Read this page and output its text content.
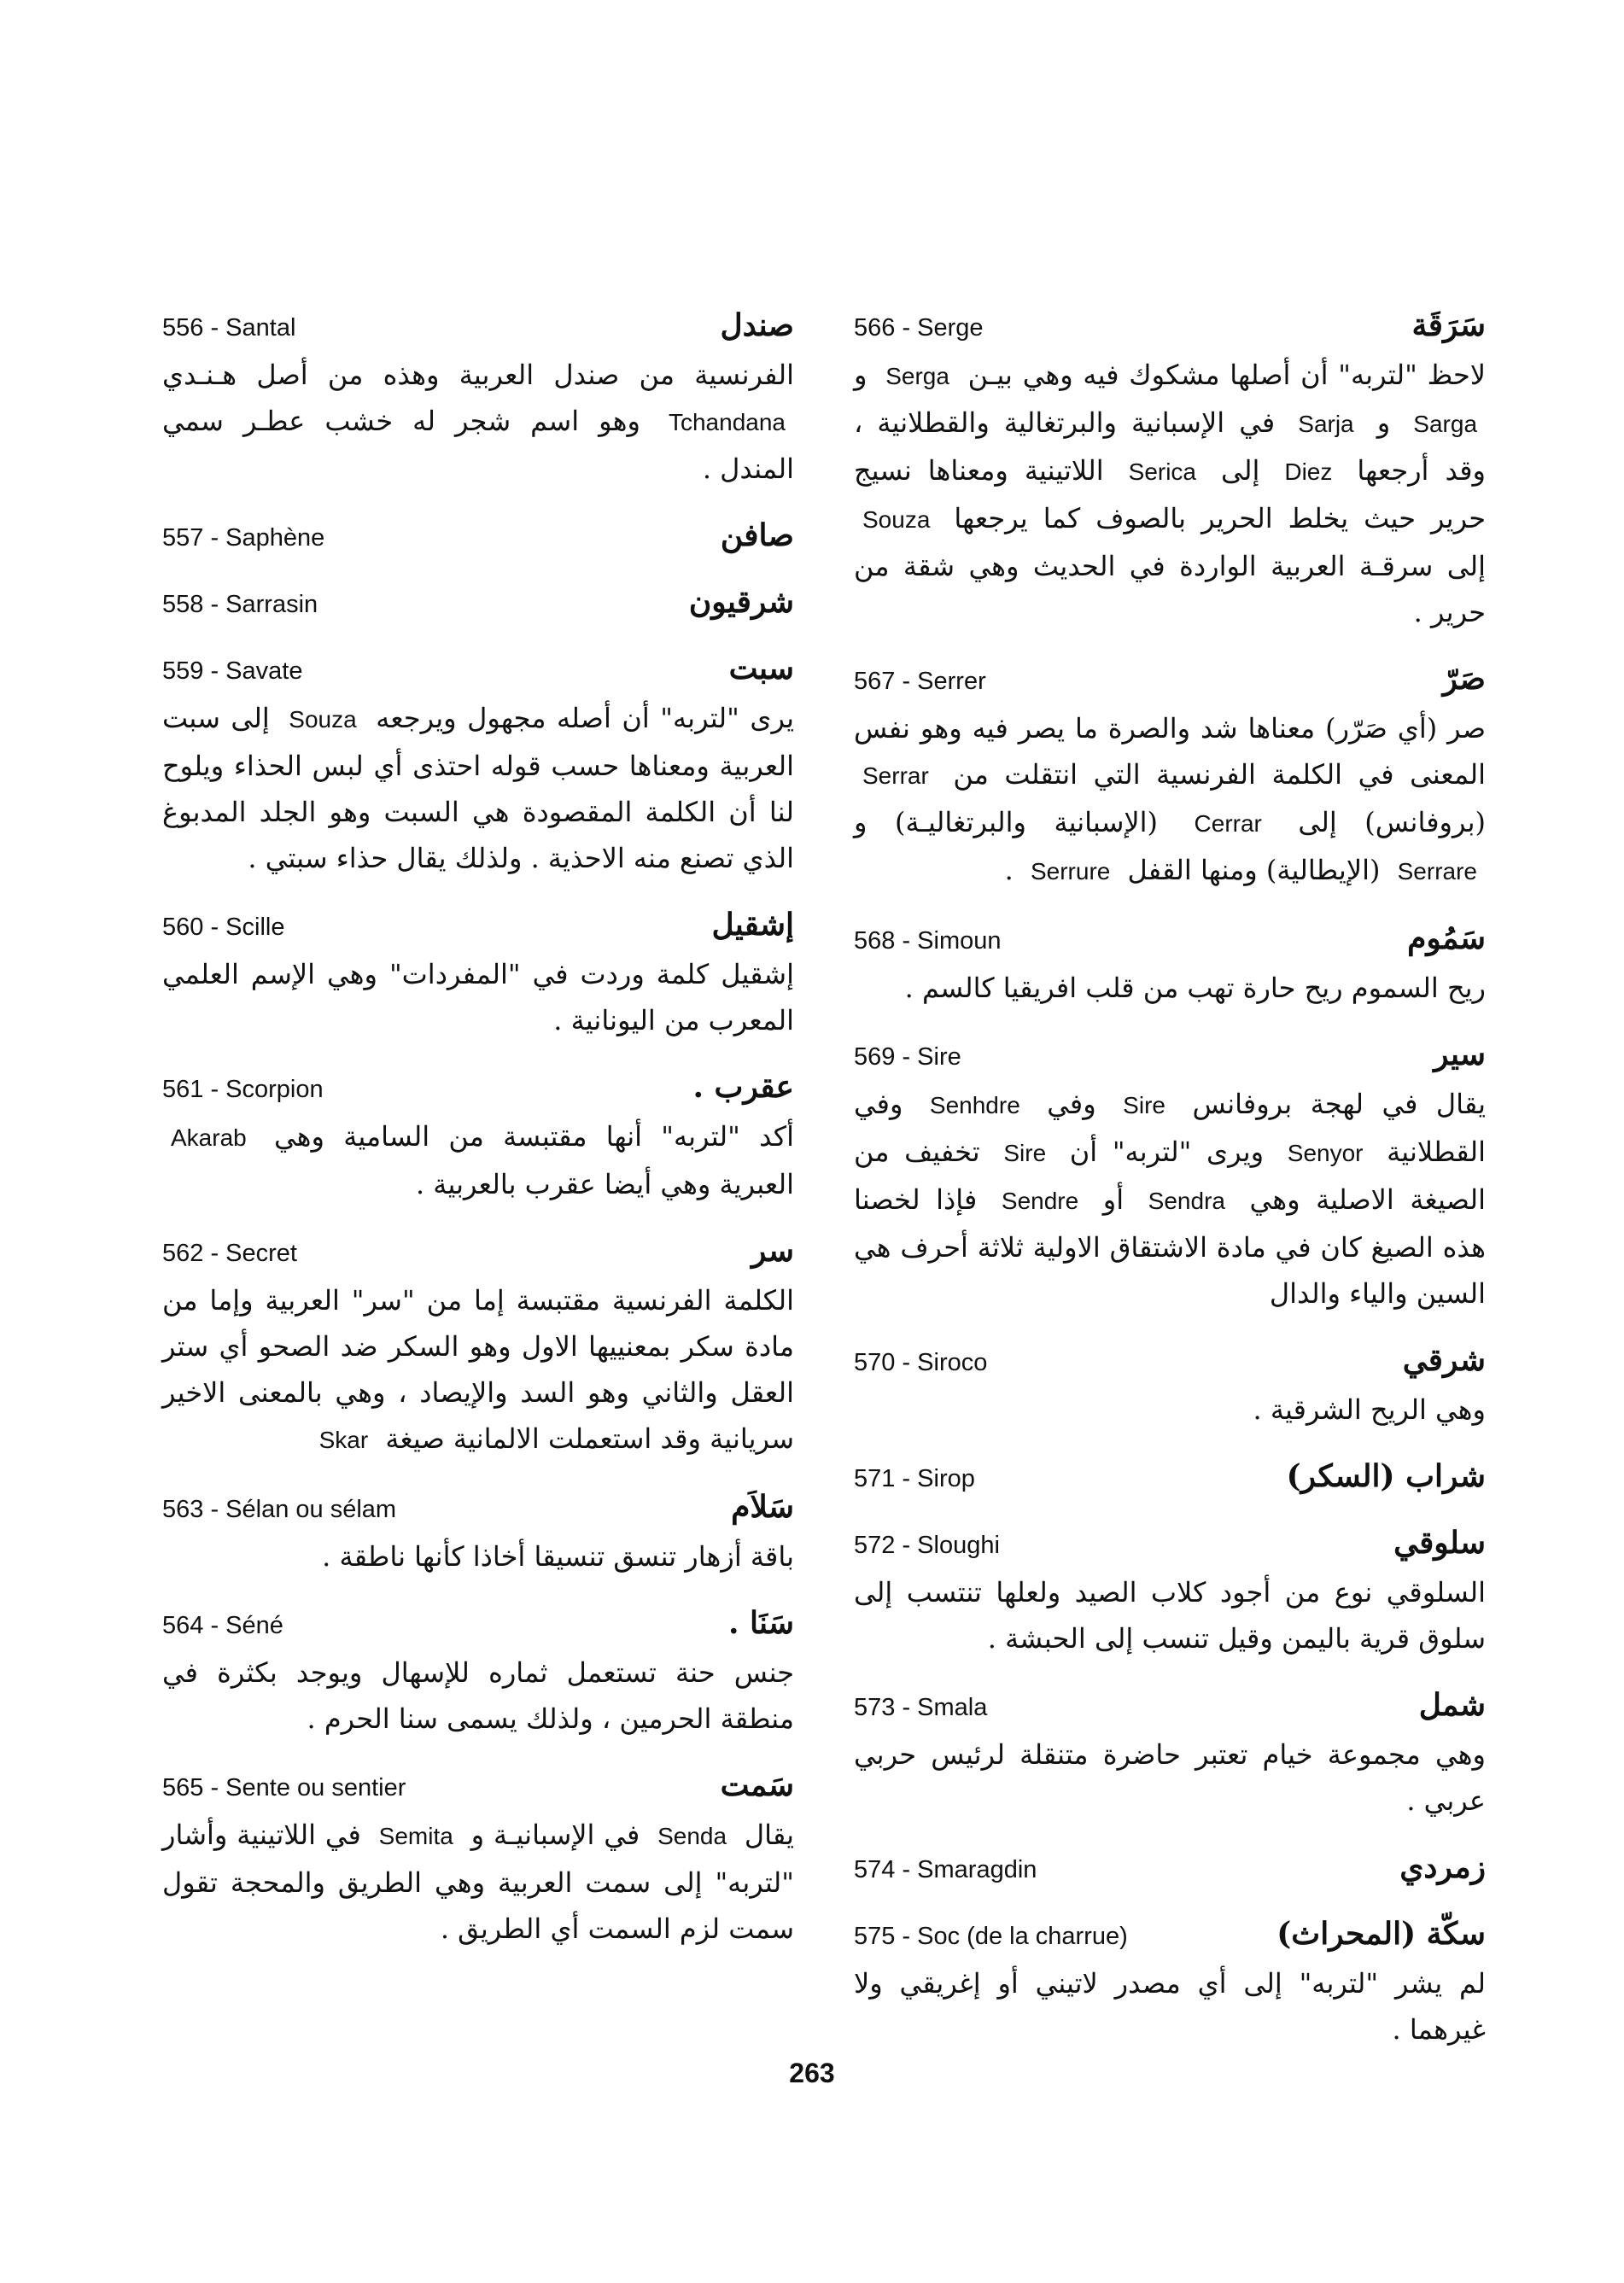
556 - Santal	صندل
الفرنسية من صندل العربية وهذه من أصل هـنـدي Tchandana وهو اسم شجر له خشب عطـر سمي المندل .
557 - Saphène	صافن
558 - Sarrasin	شرقيون
559 - Savate	سبت
يرى "لتربه" أن أصله مجهول ويرجعه Souza إلى سبت العربية ومعناها حسب قوله احتذى أي لبس الحذاء ويلوح لنا أن الكلمة المقصودة هي السبت وهو الجلد المدبوغ الذي تصنع منه الاحذية . ولذلك يقال حذاء سبتي .
560 - Scille	إشقيل
إشقيل كلمة وردت في "المفردات" وهي الإسم العلمي المعرب من اليونانية .
561 - Scorpion	عقرب .
أكد "لتربه" أنها مقتبسة من السامية وهي Akarab العبرية وهي أيضا عقرب بالعربية .
562 - Secret	سر
الكلمة الفرنسية مقتبسة إما من "سر" العربية وإما من مادة سكر بمعنييها الاول وهو السكر ضد الصحو أي ستر العقل والثاني وهو السد والإيصاد ، وهي بالمعنى الاخير سريانية وقد استعملت الالمانية صيغة Skar
563 - Sélan ou sélam	سَلاَم
باقة أزهار تنسق تنسيقا أخاذا كأنها ناطقة .
564 - Séné	سَنَا .
جنس حنة تستعمل ثماره للإسهال ويوجد بكثرة في منطقة الحرمين ، ولذلك يسمى سنا الحرم .
565 - Sente ou sentier	سَمت
يقال Senda في الإسبانيـة و Semita في اللاتينية وأشار "لتربه" إلى سمت العربية وهي الطريق والمحجة تقول سمت لزم السمت أي الطريق .
566 - Serge	سَرَقَة
لاحظ "لتربه" أن أصلها مشكوك فيه وهي بيـن Serga و Sarga و Sarja في الإسبانية والبرتغالية والقطلانية ، وقد أرجعها Diez إلى Serica اللاتينية ومعناها نسيج حرير حيث يخلط الحرير بالصوف كما يرجعها Souza إلى سرقـة العربية الواردة في الحديث وهي شقة من حرير .
567 - Serrer	صَرّ
صر (أي صَرّر) معناها شد والصرة ما يصر فيه وهو نفس المعنى في الكلمة الفرنسية التي انتقلت من Serrar (بروفانس) إلى Cerrar (الإسبانية والبرتغاليـة) و Serrare (الإيطالية) ومنها القفل Serrure .
568 - Simoun	سَمُوم
ريح السموم ريح حارة تهب من قلب افريقيا كالسم .
569 - Sire	سير
يقال في لهجة بروفانس Sire وفي Senhdre وفي القطلانية Senyor ويرى "لتربه" أن Sire تخفيف من الصيغة الاصلية وهي Sendra أو Sendre فإذا لخصنا هذه الصيغ كان في مادة الاشتقاق الاولية ثلاثة أحرف هي السين والياء والدال
570 - Siroco	شرقي
وهي الريح الشرقية .
571 - Sirop	شراب (السكر)
572 - Sloughi	سلوقي
السلوقي نوع من أجود كلاب الصيد ولعلها تنتسب إلى سلوق قرية باليمن وقيل تنسب إلى الحبشة .
573 - Smala	شمل
وهي مجموعة خيام تعتبر حاضرة متنقلة لرئيس حربي عربي .
574 - Smaragdin	زمردي
575 - Soc (de la charrue)	سكّة (المحراث)
لم يشر "لتربه" إلى أي مصدر لاتيني أو إغريقي ولا غيرهما .
263
